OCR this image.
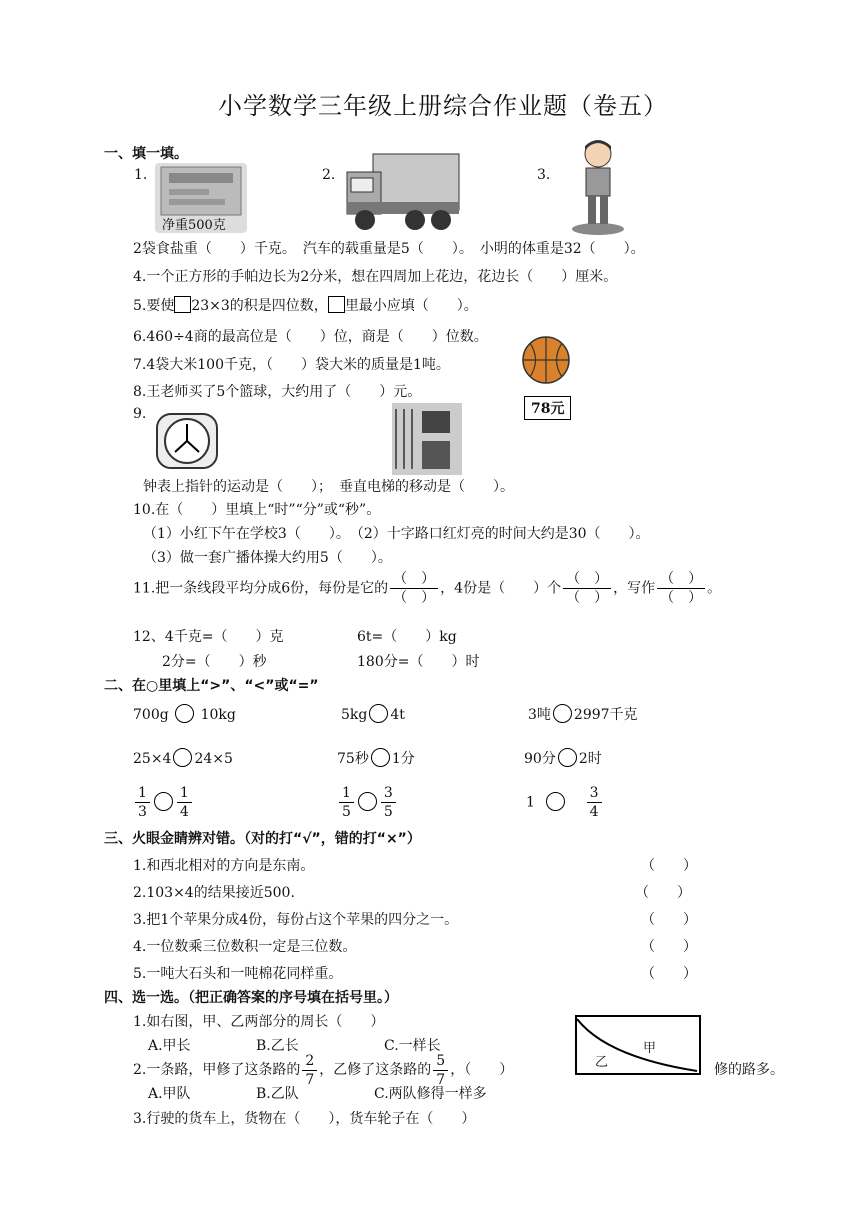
小学数学三年级上册综合作业题（卷五）
一、填一填。
1.
净重500克
2.	3.
2袋食盐重（　　）千克。　汽车的载重量是5（　　）。　小明的体重是32（　　）。
4.一个正方形的手帕边长为2分米，想在四周加上花边，花边长（　　）厘米。
5.要使 23×3的积是四位数， 里最小应填（　　）。
6.460÷4商的最高位是（　　）位，商是（　　）位数。
7.4袋大米100千克，（　　）袋大米的质量是1吨。
8.王老师买了5个篮球，大约用了（　　）元。
78元
9.
钟表上指针的运动是（　　）；　垂直电梯的移动是（　　）。
10.在（　　）里填上“时”“分”或“秒”。
（1）小红下午在学校3（　　）。　（2）十字路口红灯亮的时间大约是30（　　）。
（3）做一套广播体操大约用5（　　）。
11.把一条线段平均分成6份，每份是它的 $\frac{( )}{( )}$ ，4份是（　　）个 $\frac{( )}{( )}$ ，写作 $\frac{( )}{( )}$ 。
12、4千克=（　　）克	6t=（　　）kg
2分=（　　）秒	180分=（　　）时
二、在○里填上“>”、“<”或“=”
700g 10kg	5kg 4t	3吨 2997千克
25×4 24×5	75秒 1分	90分 2时
$\frac{1}{3} \frac{1}{4}$	$\frac{1}{5} \frac{3}{5}$	1	$\frac{3}{4}$
三、火眼金睛辨对错。（对的打“√”，错的打“×”）
1.和西北相对的方向是东南。	（　　）
2.103×4的结果接近500.	（　　）
3.把1个苹果分成4份，每份占这个苹果的四分之一。	（　　）
4.一位数乘三位数积一定是三位数。	（　　）
5.一吨大石头和一吨棉花同样重。	（　　）
四、选一选。（把正确答案的序号填在括号里。）
1.如右图，甲、乙两部分的周长（　　）
A.甲长	B.乙长	C.一样长
2.一条路，甲修了这条路的 $\frac{2}{7}$ ，乙修了这条路的 $\frac{5}{7}$ ，（　　）	修的路多。
A.甲队	B.乙队	C.两队修得一样多
3.行驶的货车上，货物在（　　），货车轮子在（　　）
甲
乙
